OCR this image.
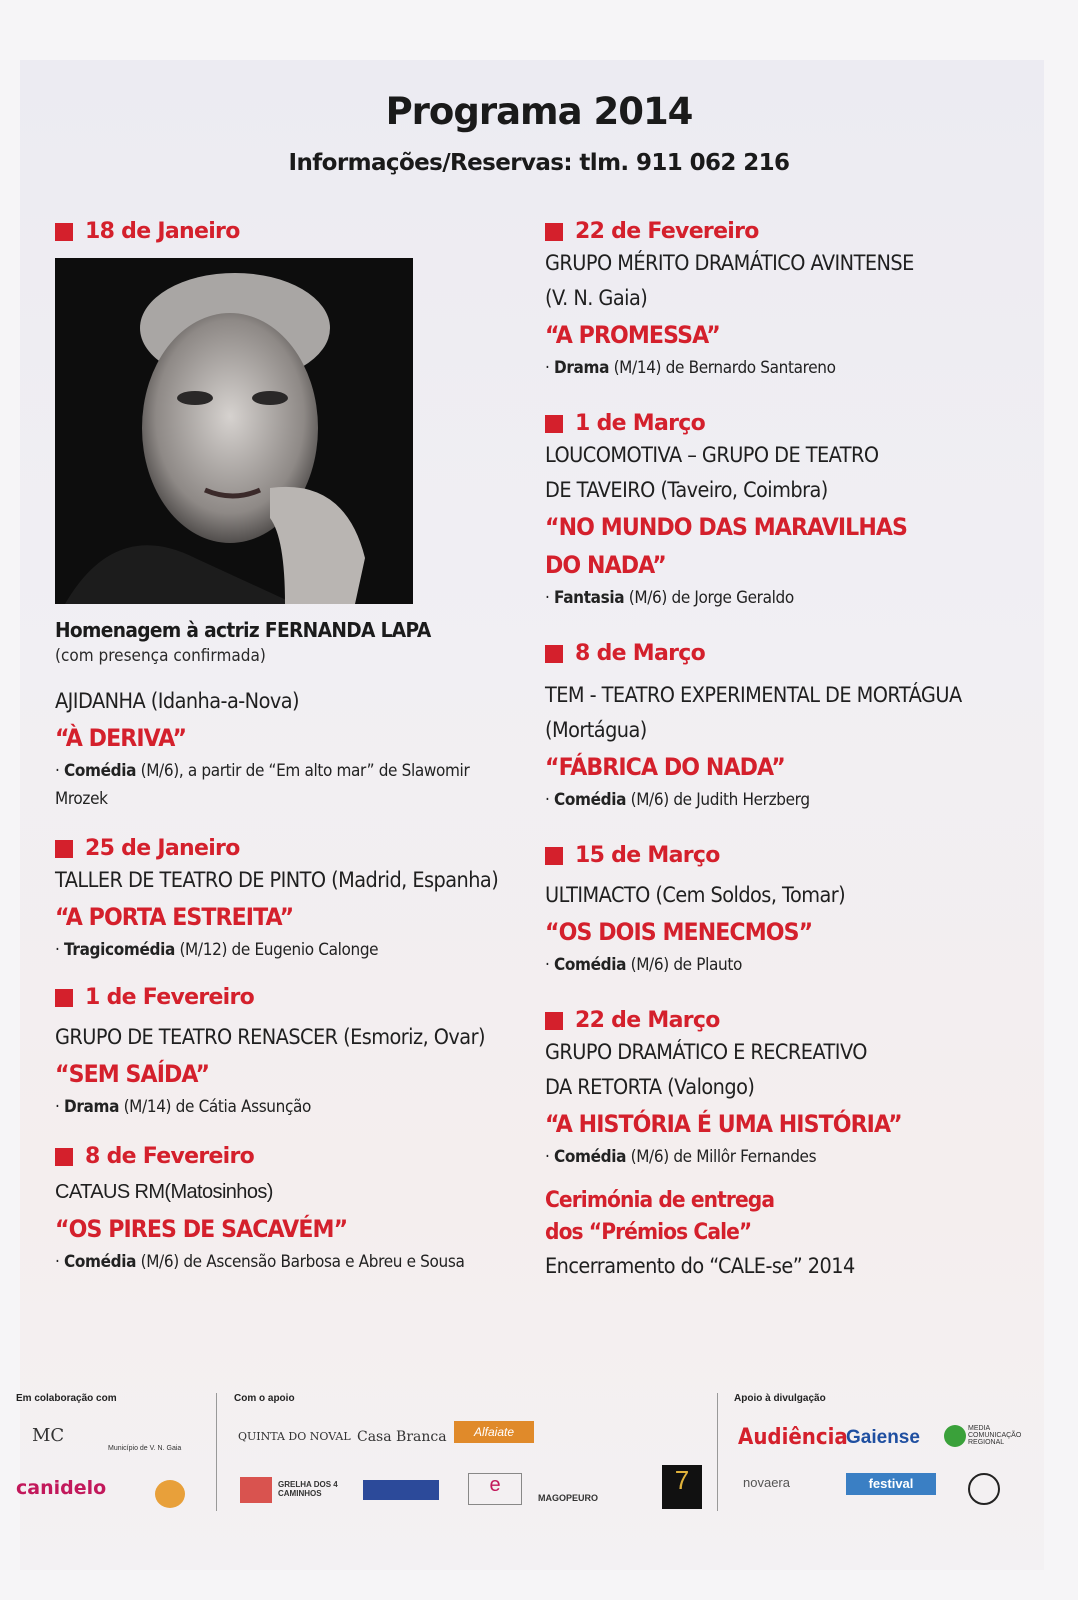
Programa 2014
Informações/Reservas: tlm. 911 062 216
18 de Janeiro
Homenagem à actriz FERNANDA LAPA
(com presença confirmada)
AJIDANHA (Idanha-a-Nova)
“À DERIVA”
· Comédia (M/6), a partir de “Em alto mar” de Slawomir Mrozek
25 de Janeiro
TALLER DE TEATRO DE PINTO (Madrid, Espanha)
“A PORTA ESTREITA”
· Tragicomédia (M/12) de Eugenio Calonge
1 de Fevereiro
GRUPO DE TEATRO RENASCER (Esmoriz, Ovar)
“SEM SAÍDA”
· Drama (M/14) de Cátia Assunção
8 de Fevereiro
CATAUS RM(Matosinhos)
“OS PIRES DE SACAVÉM”
· Comédia (M/6) de Ascensão Barbosa e Abreu e Sousa
22 de Fevereiro
GRUPO MÉRITO DRAMÁTICO AVINTENSE
(V. N. Gaia)
“A PROMESSA”
· Drama (M/14) de Bernardo Santareno
1 de Março
LOUCOMOTIVA – GRUPO DE TEATRO
DE TAVEIRO (Taveiro, Coimbra)
“NO MUNDO DAS MARAVILHAS
DO NADA”
· Fantasia (M/6) de Jorge Geraldo
8 de Março
TEM - TEATRO EXPERIMENTAL DE MORTÁGUA
(Mortágua)
“FÁBRICA DO NADA”
· Comédia (M/6) de Judith Herzberg
15 de Março
ULTIMACTO (Cem Soldos, Tomar)
“OS DOIS MENECMOS”
· Comédia (M/6) de Plauto
22 de Março
GRUPO DRAMÁTICO E RECREATIVO
DA RETORTA (Valongo)
“A HISTÓRIA É UMA HISTÓRIA”
· Comédia (M/6) de Millôr Fernandes
Cerimónia de entrega
dos “Prémios Cale”
Encerramento do “CALE-se” 2014
Em colaboração com	Com o apoio	Apoio à divulgação
MC
Município de V. N. Gaia
canidelo
QUINTA DO NOVAL Casa Branca	Alfaiate
GRELHA DOS 4 CAMINHOS	e
MAGOPEURO
7
Audiência
Gaiense	MEDIA COMUNICAÇÃO REGIONAL
novaera	festival
